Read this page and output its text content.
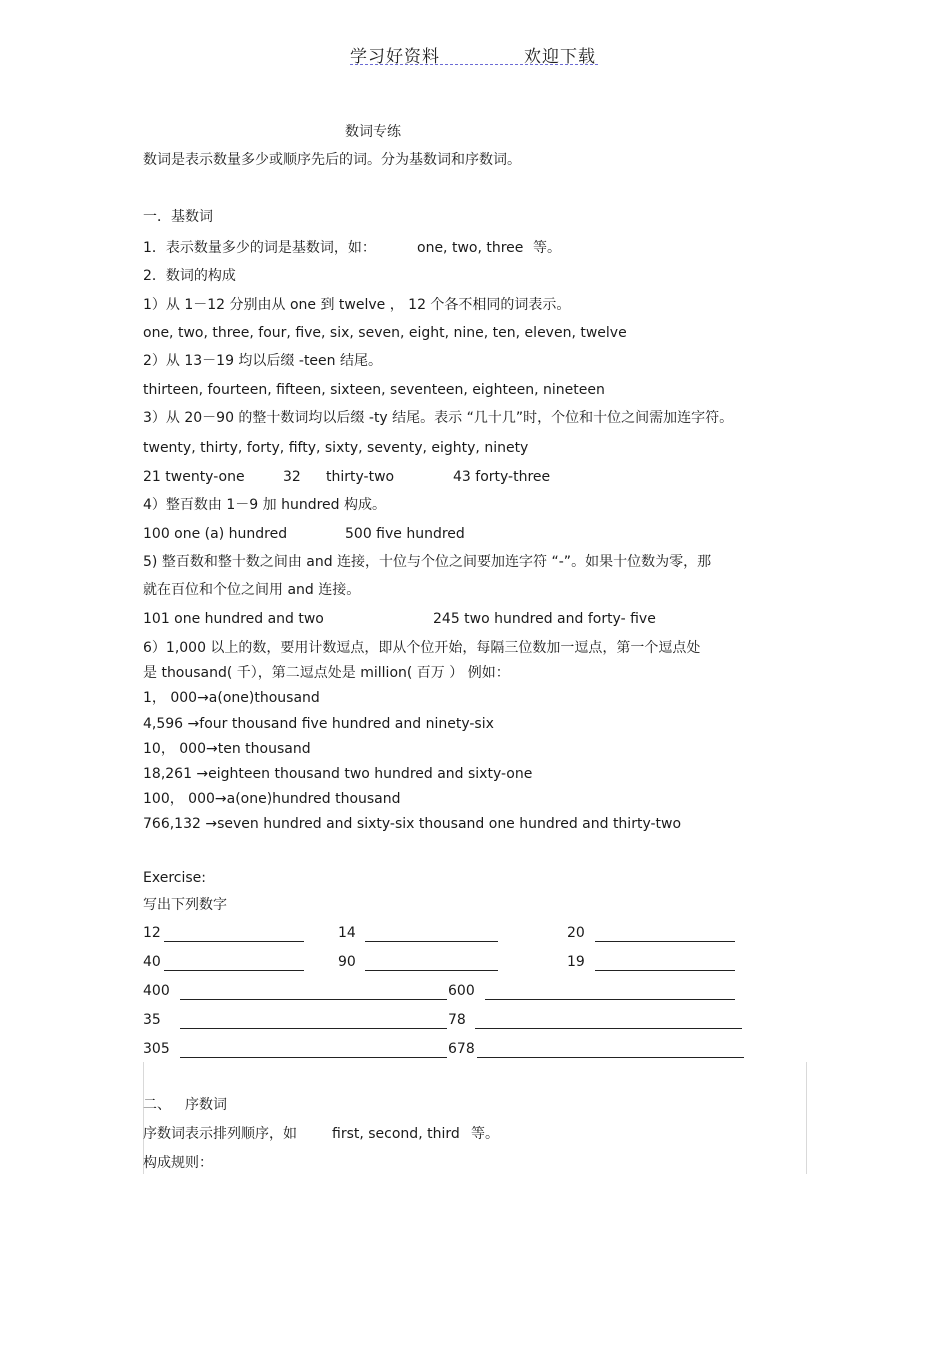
学习好资料	欢迎下载
数词专练
数词是表示数量多少或顺序先后的词。分为基数词和序数词。
一．基数词
1．表示数量多少的词是基数词，如：	one, two, three 等。
2．数词的构成
1）从 1－12 分别由从 one 到 twelve ， 12 个各不相同的词表示。
one, two, three, four, five, six, seven, eight, nine, ten, eleven, twelve
2）从 13－19 均以后缀 -teen 结尾。
thirteen, fourteen, fifteen, sixteen, seventeen, eighteen, nineteen
3）从 20－90 的整十数词均以后缀 -ty 结尾。表示 “几十几”时，个位和十位之间需加连字符。
twenty, thirty, forty, fifty, sixty, seventy, eighty, ninety
21 twenty-one	32 thirty-two	43 forty-three
4）整百数由 1－9 加 hundred 构成。
100 one (a) hundred	500 five hundred
5) 整百数和整十数之间由 and 连接，十位与个位之间要加连字符 “-”。如果十位数为零，那
就在百位和个位之间用 and 连接。
101 one hundred and two	245 two hundred and forty- five
6）1,000 以上的数，要用计数逗点，即从个位开始，每隔三位数加一逗点，第一个逗点处
是 thousand( 千），第二逗点处是 million( 百万 ） 例如：
1， 000→a(one)thousand
4,596 →four thousand five hundred and ninety-six
10， 000→ten thousand
18,261 →eighteen thousand two hundred and sixty-one
100， 000→a(one)hundred thousand
766,132 →seven hundred and sixty-six thousand one hundred and thirty-two
Exercise:
写出下列数字
12	14	20
40	90	19
400	600
35	78
305	678
二、 序数词
序数词表示排列顺序，如	first, second, third 等。
构成规则：
